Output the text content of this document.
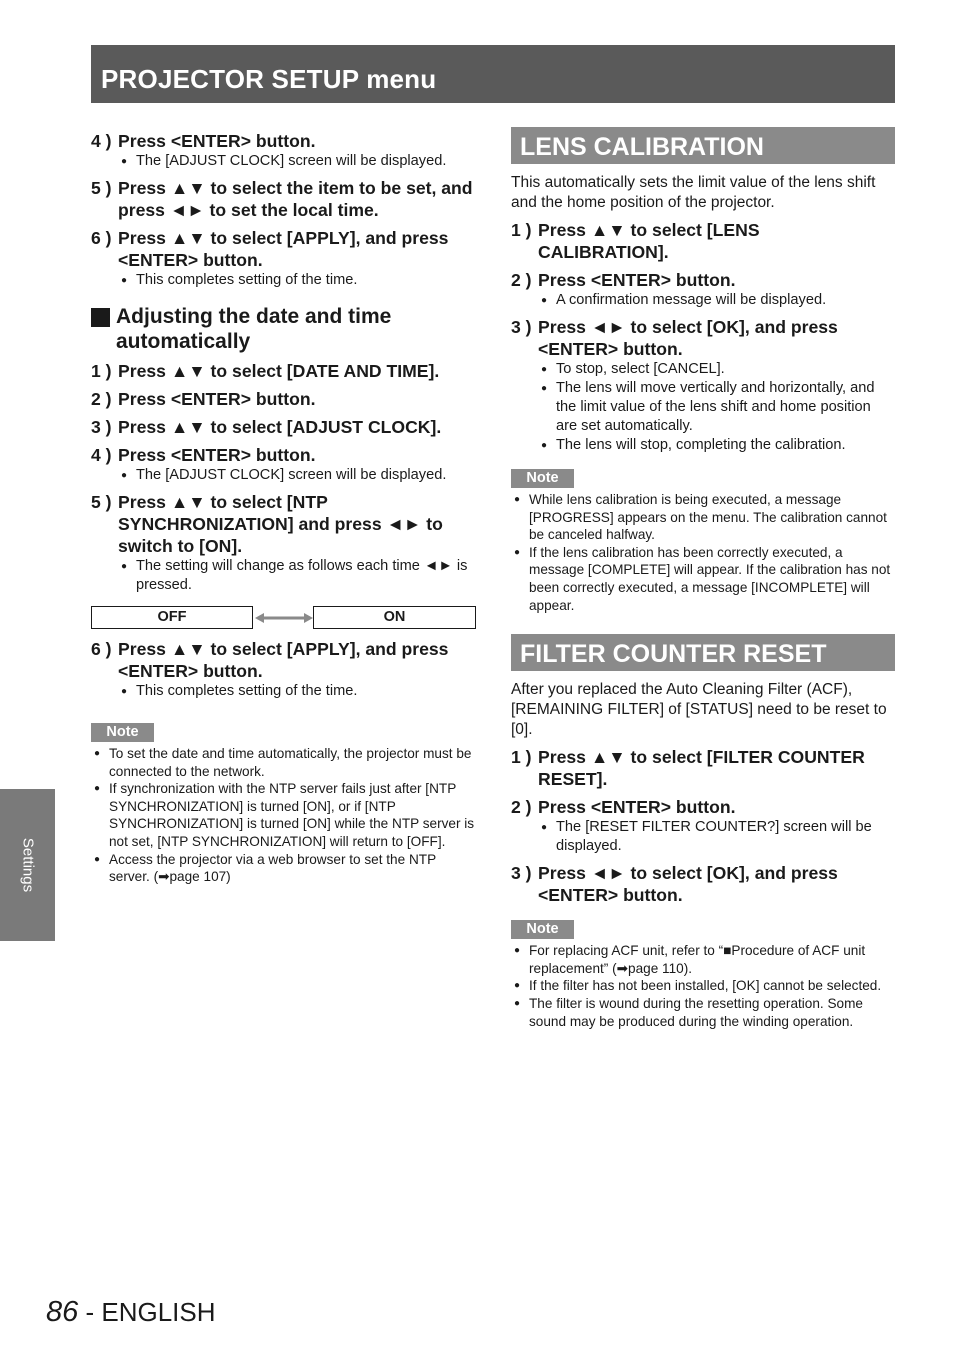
PROJECTOR SETUP menu
Settings
4 ) Press <ENTER> button.
● The [ADJUST CLOCK] screen will be displayed.
5 ) Press ▲▼ to select the item to be set, and press ◄► to set the local time.
6 ) Press ▲▼ to select [APPLY], and press <ENTER> button.
● This completes setting of the time.
Adjusting the date and time automatically
1 ) Press ▲▼ to select [DATE AND TIME].
2 ) Press <ENTER> button.
3 ) Press ▲▼ to select [ADJUST CLOCK].
4 ) Press <ENTER> button.
● The [ADJUST CLOCK] screen will be displayed.
5 ) Press ▲▼ to select [NTP SYNCHRONIZATION] and press ◄► to switch to [ON].
● The setting will change as follows each time ◄► is pressed.
OFF	ON
6 ) Press ▲▼ to select [APPLY], and press <ENTER> button.
● This completes setting of the time.
Note
● To set the date and time automatically, the projector must be connected to the network.
● If synchronization with the NTP server fails just after [NTP SYNCHRONIZATION] is turned [ON], or if [NTP SYNCHRONIZATION] is turned [ON] while the NTP server is not set, [NTP SYNCHRONIZATION] will return to [OFF].
● Access the projector via a web browser to set the NTP server. (➡page 107)
LENS CALIBRATION
This automatically sets the limit value of the lens shift and the home position of the projector.
1 ) Press ▲▼ to select [LENS CALIBRATION].
2 ) Press <ENTER> button.
● A confirmation message will be displayed.
3 ) Press ◄► to select [OK], and press <ENTER> button.
● To stop, select [CANCEL].
● The lens will move vertically and horizontally, and the limit value of the lens shift and home position are set automatically.
● The lens will stop, completing the calibration.
Note
● While lens calibration is being executed, a message [PROGRESS] appears on the menu. The calibration cannot be canceled halfway.
● If the lens calibration has been correctly executed, a message [COMPLETE] will appear. If the calibration has not been correctly executed, a message [INCOMPLETE] will appear.
FILTER COUNTER RESET
After you replaced the Auto Cleaning Filter (ACF), [REMAINING FILTER] of [STATUS] need to be reset to [0].
1 ) Press ▲▼ to select [FILTER COUNTER RESET].
2 ) Press <ENTER> button.
● The [RESET FILTER COUNTER?] screen will be displayed.
3 ) Press ◄► to select [OK], and press <ENTER> button.
Note
● For replacing ACF unit, refer to “■Procedure of ACF unit replacement” (➡page 110).
● If the filter has not been installed, [OK] cannot be selected.
● The filter is wound during the resetting operation. Some sound may be produced during the winding operation.
86 - ENGLISH
